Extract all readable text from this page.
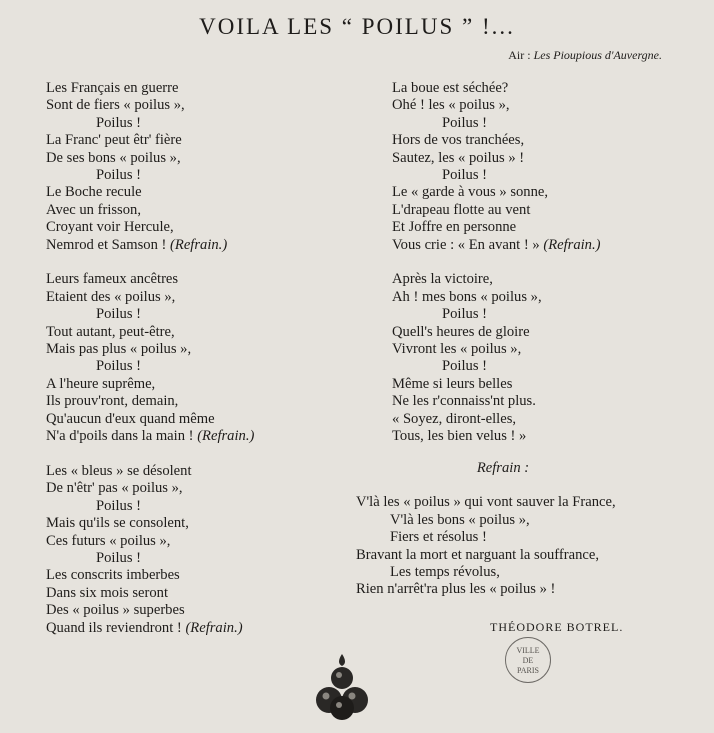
VOILA LES “ POILUS ” !...
Air : Les Pioupious d'Auvergne.
Les Français en guerre
Sont de fiers « poilus »,
Poilus !
La Franc' peut êtr' fière
De ses bons « poilus »,
Poilus !
Le Boche recule
Avec un frisson,
Croyant voir Hercule,
Nemrod et Samson ! (Refrain.)
Leurs fameux ancêtres
Etaient des « poilus »,
Poilus !
Tout autant, peut-être,
Mais pas plus « poilus »,
Poilus !
A l'heure suprême,
Ils prouv'ront, demain,
Qu'aucun d'eux quand même
N'a d'poils dans la main ! (Refrain.)
Les « bleus » se désolent
De n'êtr' pas « poilus »,
Poilus !
Mais qu'ils se consolent,
Ces futurs « poilus »,
Poilus !
Les conscrits imberbes
Dans six mois seront
Des « poilus » superbes
Quand ils reviendront ! (Refrain.)
La boue est séchée?
Ohé ! les « poilus »,
Poilus !
Hors de vos tranchées,
Sautez, les « poilus » !
Poilus !
Le « garde à vous » sonne,
L'drapeau flotte au vent
Et Joffre en personne
Vous crie : « En avant ! » (Refrain.)
Après la victoire,
Ah ! mes bons « poilus »,
Poilus !
Quell's heures de gloire
Vivront les « poilus »,
Poilus !
Même si leurs belles
Ne les r'connaiss'nt plus.
« Soyez, diront-elles,
Tous, les bien velus ! »
Refrain :
V'là les « poilus » qui vont sauver la France,
V'là les bons « poilus »,
Fiers et résolus !
Bravant la mort et narguant la souffrance,
Les temps révolus,
Rien n'arrêt'ra plus les « poilus » !
THÉODORE BOTREL.
VILLE
DE
PARIS
